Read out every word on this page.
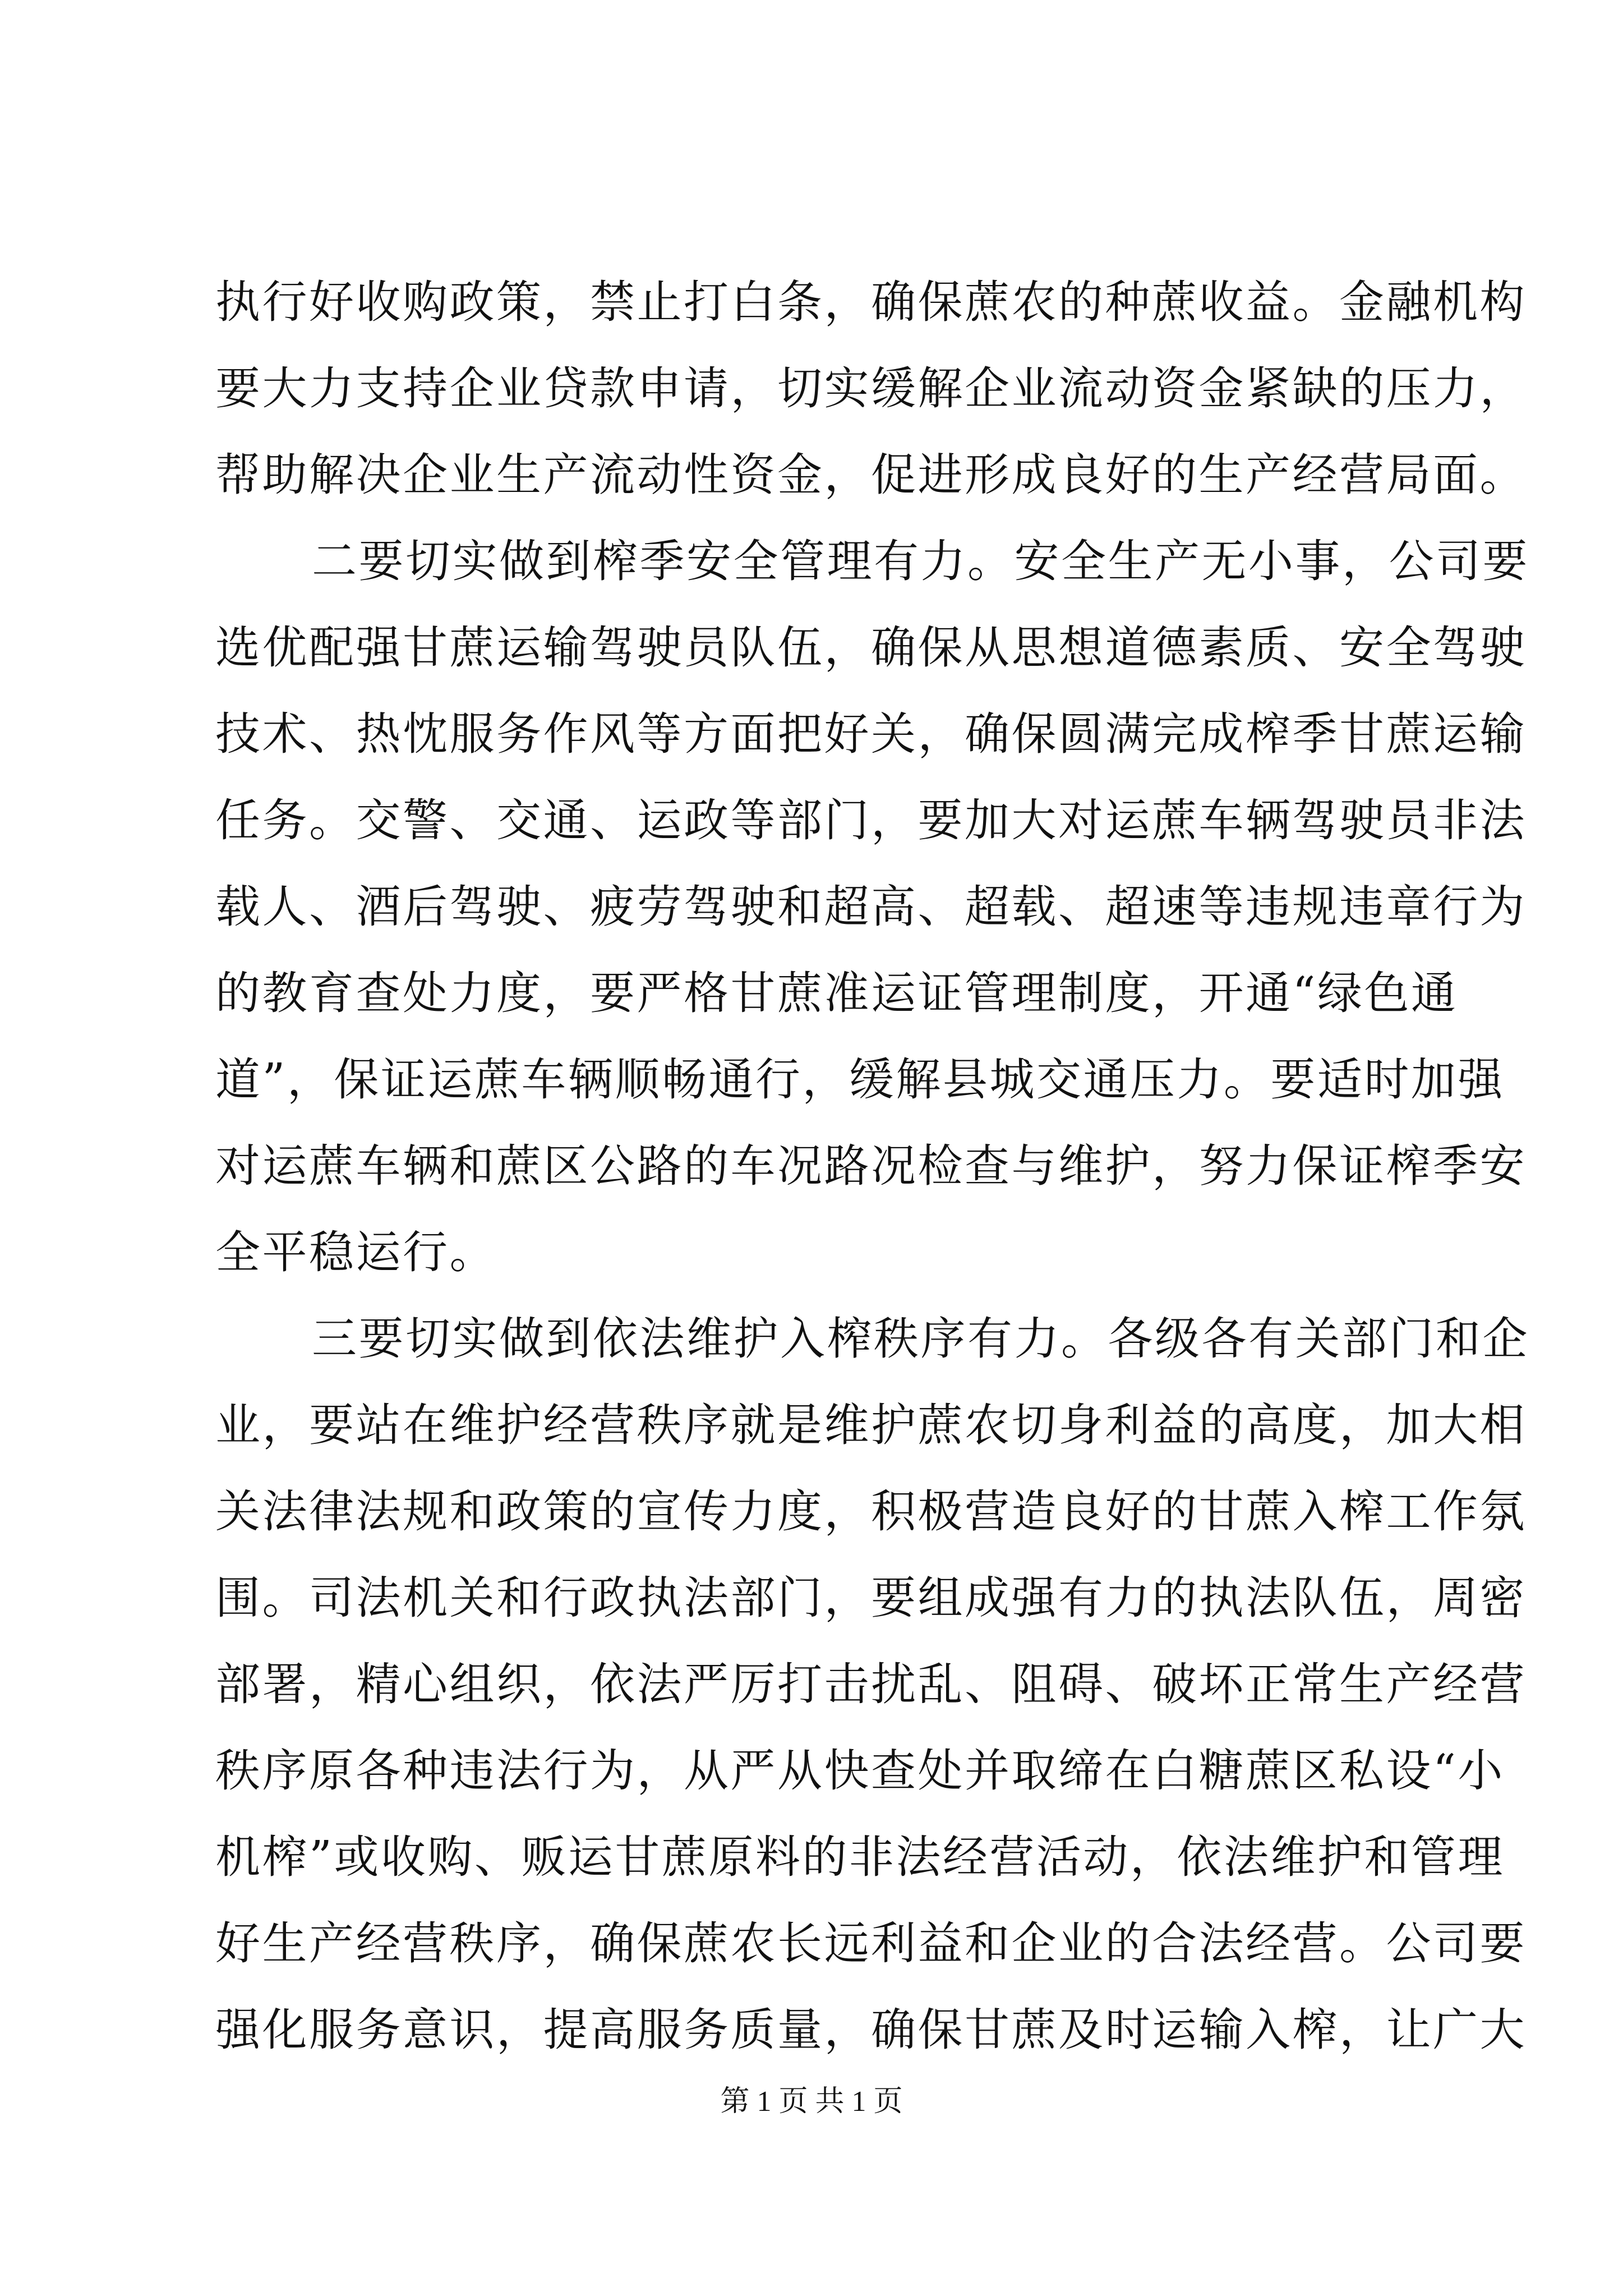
执行好收购政策，禁止打白条，确保蔗农的种蔗收益。金融机构
要大力支持企业贷款申请，切实缓解企业流动资金紧缺的压力，
帮助解决企业生产流动性资金，促进形成良好的生产经营局面。
二要切实做到榨季安全管理有力。安全生产无小事，公司要
选优配强甘蔗运输驾驶员队伍，确保从思想道德素质、安全驾驶
技术、热忱服务作风等方面把好关，确保圆满完成榨季甘蔗运输
任务。交警、交通、运政等部门，要加大对运蔗车辆驾驶员非法
载人、酒后驾驶、疲劳驾驶和超高、超载、超速等违规违章行为
的教育查处力度，要严格甘蔗准运证管理制度，开通“绿色通
道”，保证运蔗车辆顺畅通行，缓解县城交通压力。要适时加强
对运蔗车辆和蔗区公路的车况路况检查与维护，努力保证榨季安
全平稳运行。
三要切实做到依法维护入榨秩序有力。各级各有关部门和企
业，要站在维护经营秩序就是维护蔗农切身利益的高度，加大相
关法律法规和政策的宣传力度，积极营造良好的甘蔗入榨工作氛
围。司法机关和行政执法部门，要组成强有力的执法队伍，周密
部署，精心组织，依法严厉打击扰乱、阻碍、破坏正常生产经营
秩序原各种违法行为，从严从快查处并取缔在白糖蔗区私设“小
机榨”或收购、贩运甘蔗原料的非法经营活动，依法维护和管理
好生产经营秩序，确保蔗农长远利益和企业的合法经营。公司要
强化服务意识，提高服务质量，确保甘蔗及时运输入榨，让广大
第 1 页 共 1 页
